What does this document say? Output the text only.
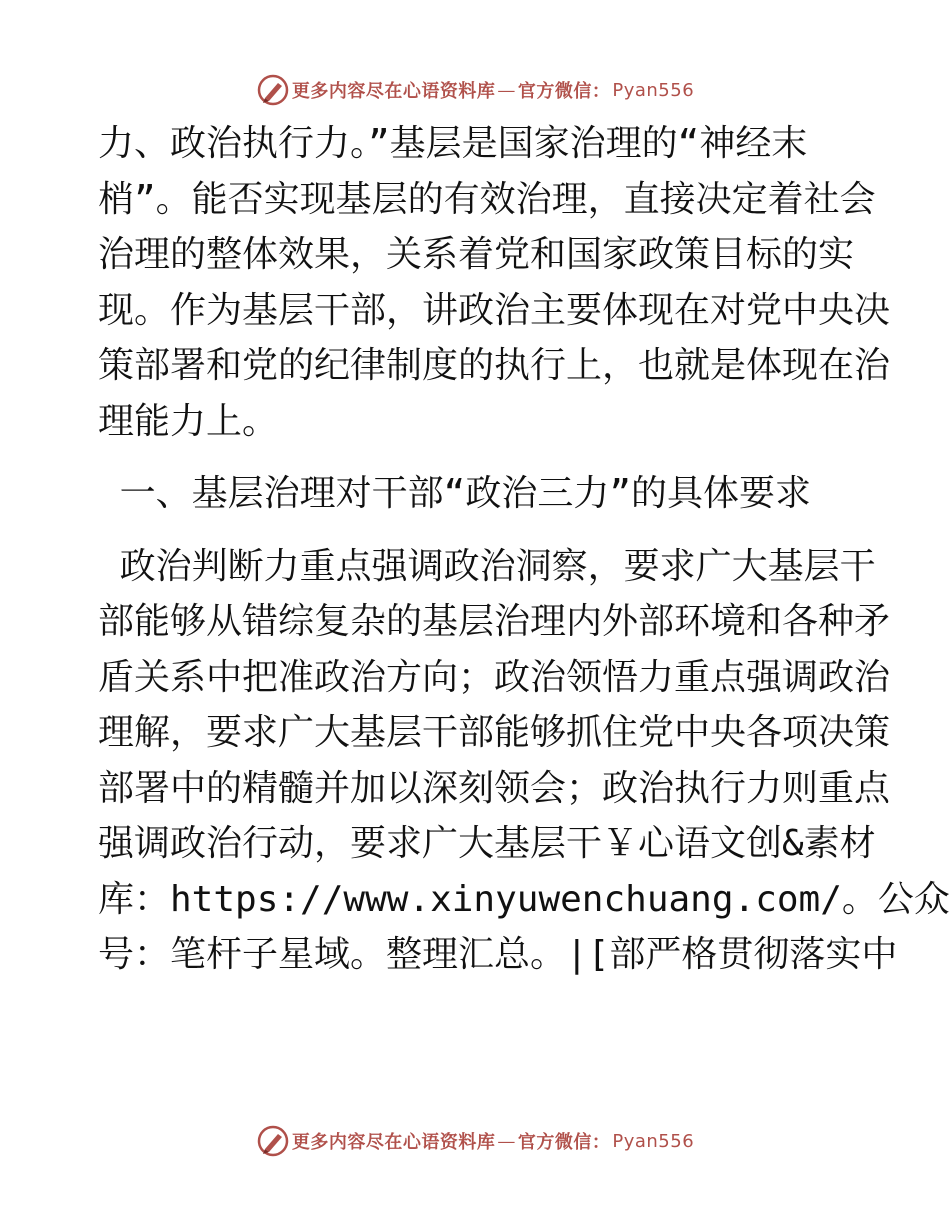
更多内容尽在心语资料库 — 官方微信： Pyan556
力、政治执行力。”基层是国家治理的“神经末
梢”。能否实现基层的有效治理，直接决定着社会
治理的整体效果，关系着党和国家政策目标的实
现。作为基层干部，讲政治主要体现在对党中央决
策部署和党的纪律制度的执行上，也就是体现在治
理能力上。
一、基层治理对干部“政治三力”的具体要求
政治判断力重点强调政治洞察，要求广大基层干
部能够从错综复杂的基层治理内外部环境和各种矛
盾关系中把准政治方向；政治领悟力重点强调政治
理解，要求广大基层干部能够抓住党中央各项决策
部署中的精髓并加以深刻领会；政治执行力则重点
强调政治行动，要求广大基层干￥心语文创&素材
库：https://www.xinyuwenchuang.com/。公众
号：笔杆子星域。整理汇总。|[部严格贯彻落实中
更多内容尽在心语资料库 — 官方微信： Pyan556
